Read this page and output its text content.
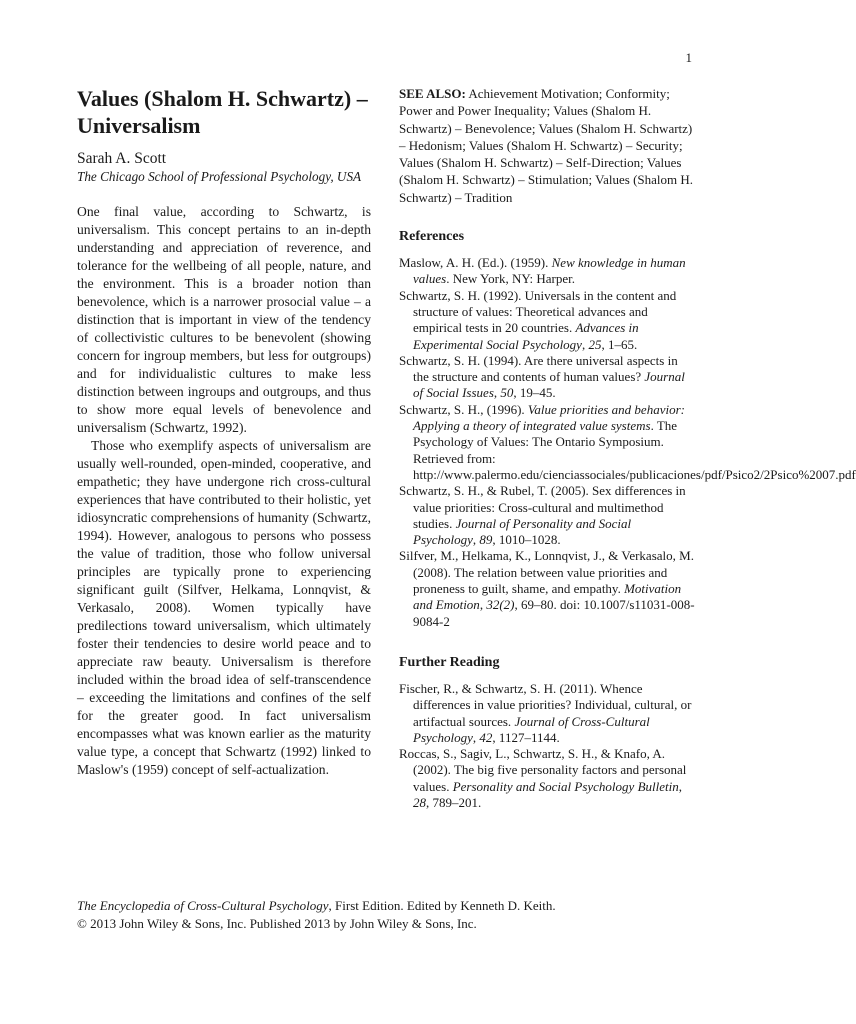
1
Values (Shalom H. Schwartz) – Universalism
Sarah A. Scott
The Chicago School of Professional Psychology, USA

One final value, according to Schwartz, is universalism. This concept pertains to an in-depth understanding and appreciation of reverence, and tolerance for the wellbeing of all people, nature, and the environment. This is a broader notion than benevolence, which is a narrower prosocial value – a distinction that is important in view of the tendency of collectivistic cultures to be benevolent (showing concern for ingroup members, but less for outgroups) and for individualistic cultures to make less distinction between ingroups and outgroups, and thus to show more equal levels of benevolence and universalism (Schwartz, 1992).

Those who exemplify aspects of universalism are usually well-rounded, open-minded, cooperative, and empathetic; they have undergone rich cross-cultural experiences that have contributed to their holistic, yet idiosyncratic comprehensions of humanity (Schwartz, 1994). However, analogous to persons who possess the value of tradition, those who follow universal principles are typically prone to experiencing significant guilt (Silfver, Helkama, Lonnqvist, & Verkasalo, 2008). Women typically have predilections toward universalism, which ultimately foster their tendencies to desire world peace and to appreciate raw beauty. Universalism is therefore included within the broad idea of self-transcendence – exceeding the limitations and confines of the self for the greater good. In fact universalism encompasses what was known earlier as the maturity value type, a concept that Schwartz (1992) linked to Maslow's (1959) concept of self-actualization.

SEE ALSO: Achievement Motivation; Conformity; Power and Power Inequality; Values (Shalom H. Schwartz) – Benevolence; Values (Shalom H. Schwartz) – Hedonism; Values (Shalom H. Schwartz) – Security; Values (Shalom H. Schwartz) – Self-Direction; Values (Shalom H. Schwartz) – Stimulation; Values (Shalom H. Schwartz) – Tradition
References
Maslow, A. H. (Ed.). (1959). New knowledge in human values. New York, NY: Harper.
Schwartz, S. H. (1992). Universals in the content and structure of values: Theoretical advances and empirical tests in 20 countries. Advances in Experimental Social Psychology, 25, 1–65.
Schwartz, S. H. (1994). Are there universal aspects in the structure and contents of human values? Journal of Social Issues, 50, 19–45.
Schwartz, S. H., (1996). Value priorities and behavior: Applying a theory of integrated value systems. The Psychology of Values: The Ontario Symposium. Retrieved from: http://www.palermo.edu/cienciassociales/publicaciones/pdf/Psico2/2Psico%2007.pdf
Schwartz, S. H., & Rubel, T. (2005). Sex differences in value priorities: Cross-cultural and multimethod studies. Journal of Personality and Social Psychology, 89, 1010–1028.
Silfver, M., Helkama, K., Lonnqvist, J., & Verkasalo, M. (2008). The relation between value priorities and proneness to guilt, shame, and empathy. Motivation and Emotion, 32(2), 69–80. doi: 10.1007/s11031-008-9084-2
Further Reading
Fischer, R., & Schwartz, S. H. (2011). Whence differences in value priorities? Individual, cultural, or artifactual sources. Journal of Cross-Cultural Psychology, 42, 1127–1144.
Roccas, S., Sagiv, L., Schwartz, S. H., & Knafo, A. (2002). The big five personality factors and personal values. Personality and Social Psychology Bulletin, 28, 789–201.
The Encyclopedia of Cross-Cultural Psychology, First Edition. Edited by Kenneth D. Keith.
© 2013 John Wiley & Sons, Inc. Published 2013 by John Wiley & Sons, Inc.
